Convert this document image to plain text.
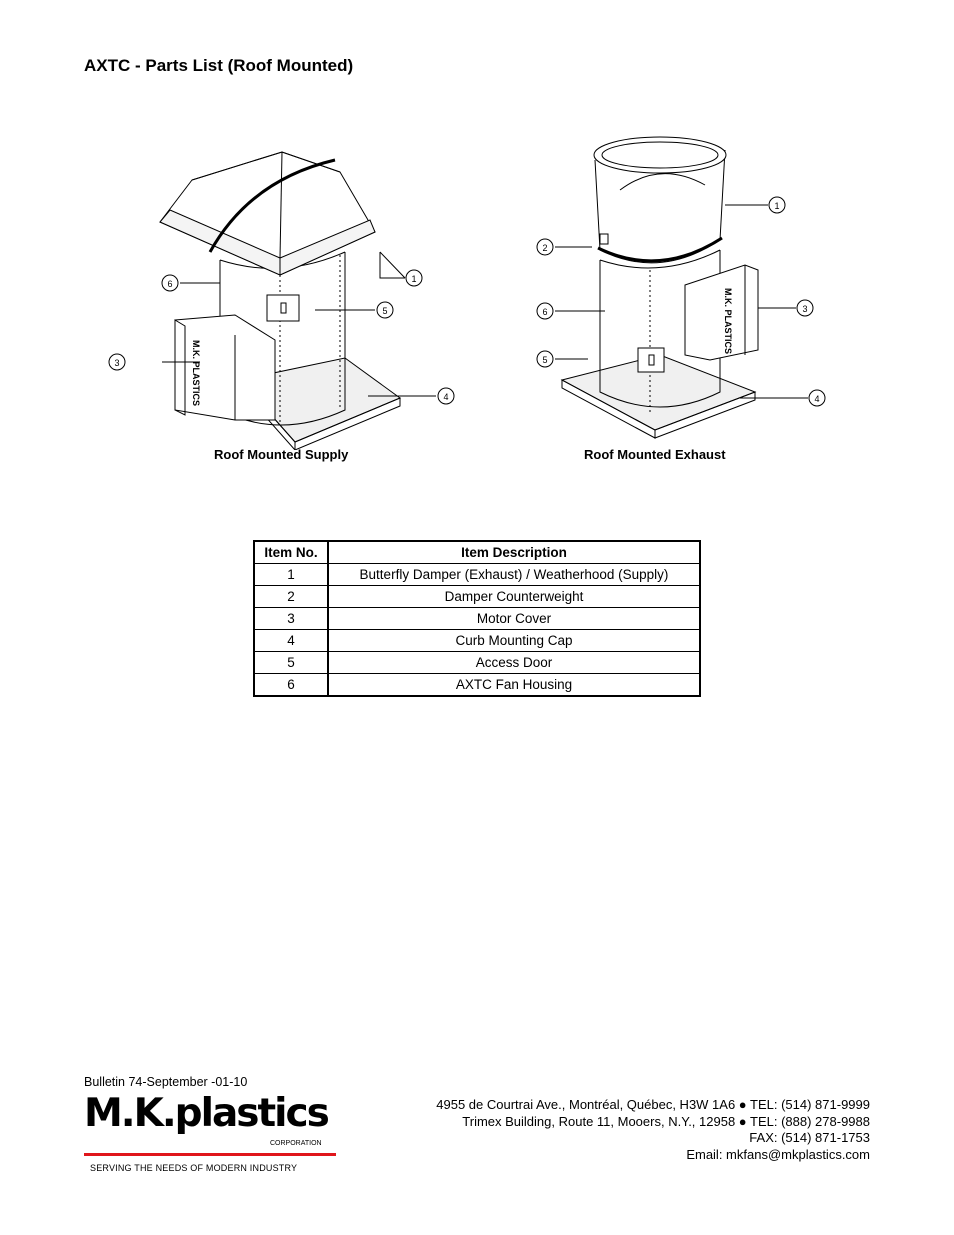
AXTC - Parts List (Roof Mounted)
M.K. PLASTICS
1
6
3
5
4
M.K. PLASTICS
1
2
6	3
5
4
Roof Mounted Supply	Roof Mounted Exhaust
Item No.	Item Description
1	Butterfly Damper (Exhaust) / Weatherhood (Supply)
2	Damper Counterweight
3	Motor Cover
4	Curb Mounting Cap
5	Access Door
6	AXTC Fan Housing
Bulletin 74-September -01-10
M.K.plastics
CORPORATION
SERVING THE NEEDS OF MODERN INDUSTRY
4955 de Courtrai Ave., Montréal, Québec, H3W 1A6 ● TEL: (514) 871-9999
Trimex Building, Route 11, Mooers, N.Y., 12958 ● TEL: (888) 278-9988
FAX: (514) 871-1753
Email: mkfans@mkplastics.com
